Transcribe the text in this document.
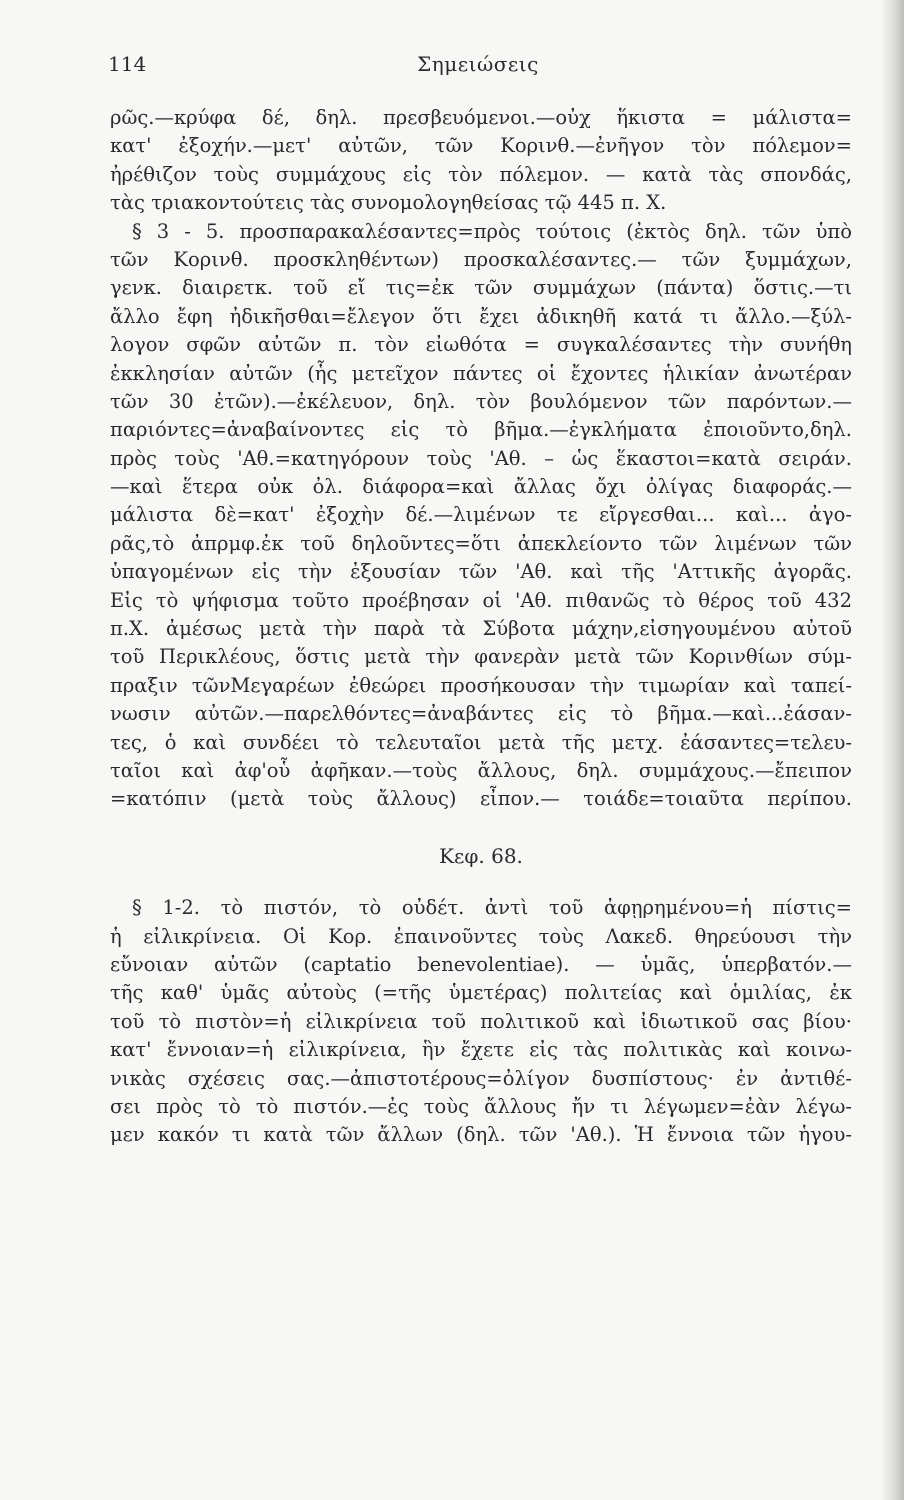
114	Σημειώσεις
ρῶς.—κρύφα δέ, δηλ. πρεσβευόμενοι.—οὐχ ἥκιστα = μάλιστα=
κατ' ἐξοχήν.—μετ' αὐτῶν, τῶν Κορινθ.—ἐνῆγον τὸν πόλεμον=
ἠρέθιζον τοὺς συμμάχους εἰς τὸν πόλεμον. — κατὰ τὰς σπονδάς,
τὰς τριακοντούτεις τὰς συνομολογηθείσας τῷ 445 π. Χ.
§ 3 - 5. προσπαρακαλέσαντες=πρὸς τούτοις (ἐκτὸς δηλ. τῶν ὑπὸ
τῶν Κορινθ. προσκληθέντων) προσκαλέσαντες.— τῶν ξυμμάχων,
γενκ. διαιρετκ. τοῦ εἴ τις=ἐκ τῶν συμμάχων (πάντα) ὅστις.—τι
ἄλλο ἔφη ἠδικῆσθαι=ἔλεγον ὅτι ἔχει ἀδικηθῆ κατά τι ἄλλο.—ξύλ-
λογον σφῶν αὐτῶν π. τὸν εἰωθότα = συγκαλέσαντες τὴν συνήθη
ἐκκλησίαν αὐτῶν (ἧς μετεῖχον πάντες οἱ ἔχοντες ἡλικίαν ἀνωτέραν
τῶν 30 ἐτῶν).—ἐκέλευον, δηλ. τὸν βουλόμενον τῶν παρόντων.—
παριόντες=ἀναβαίνοντες εἰς τὸ βῆμα.—ἐγκλήματα ἐποιοῦντο,δηλ.
πρὸς τοὺς 'Αθ.=κατηγόρουν τοὺς 'Αθ. – ὡς ἕκαστοι=κατὰ σειράν.
—καὶ ἕτερα οὐκ ὀλ. διάφορα=καὶ ἄλλας ὄχι ὀλίγας διαφοράς.—
μάλιστα δὲ=κατ' ἐξοχὴν δέ.—λιμένων τε εἴργεσθαι... καὶ... ἀγο-
ρᾶς,τὸ ἀπρμφ.ἐκ τοῦ δηλοῦντες=ὅτι ἀπεκλείοντο τῶν λιμένων τῶν
ὑπαγομένων εἰς τὴν ἐξουσίαν τῶν 'Αθ. καὶ τῆς 'Αττικῆς ἀγορᾶς.
Εἰς τὸ ψήφισμα τοῦτο προέβησαν οἱ 'Αθ. πιθανῶς τὸ θέρος τοῦ 432
π.Χ. ἀμέσως μετὰ τὴν παρὰ τὰ Σύβοτα μάχην,εἰσηγουμένου αὐτοῦ
τοῦ Περικλέους, ὅστις μετὰ τὴν φανερὰν μετὰ τῶν Κορινθίων σύμ-
πραξιν τῶνΜεγαρέων ἐθεώρει προσήκουσαν τὴν τιμωρίαν καὶ ταπεί-
νωσιν αὐτῶν.—παρελθόντες=ἀναβάντες εἰς τὸ βῆμα.—καὶ...ἐάσαν-
τες, ὁ καὶ συνδέει τὸ τελευταῖοι μετὰ τῆς μετχ. ἐάσαντες=τελευ-
ταῖοι καὶ ἀφ'οὗ ἀφῆκαν.—τοὺς ἄλλους, δηλ. συμμάχους.—ἔπειπον
=κατόπιν (μετὰ τοὺς ἄλλους) εἶπον.— τοιάδε=τοιαῦτα περίπου.
Κεφ. 68.
§ 1-2. τὸ πιστόν, τὸ οὐδέτ. ἀντὶ τοῦ ἀφῃρημένου=ἡ πίστις=
ἡ εἰλικρίνεια. Οἱ Κορ. ἐπαινοῦντες τοὺς Λακεδ. θηρεύουσι τὴν
εὔνοιαν αὐτῶν (captatio benevolentiae). — ὑμᾶς, ὑπερβατόν.—
τῆς καθ' ὑμᾶς αὐτοὺς (=τῆς ὑμετέρας) πολιτείας καὶ ὁμιλίας, ἐκ
τοῦ τὸ πιστὸν=ἡ εἰλικρίνεια τοῦ πολιτικοῦ καὶ ἰδιωτικοῦ σας βίου·
κατ' ἔννοιαν=ἡ εἰλικρίνεια, ἣν ἔχετε εἰς τὰς πολιτικὰς καὶ κοινω-
νικὰς σχέσεις σας.—ἀπιστοτέρους=ὀλίγον δυσπίστους· ἐν ἀντιθέ-
σει πρὸς τὸ τὸ πιστόν.—ἐς τοὺς ἄλλους ἤν τι λέγωμεν=ἐὰν λέγω-
μεν κακόν τι κατὰ τῶν ἄλλων (δηλ. τῶν 'Αθ.). Ἡ ἔννοια τῶν ἡγου-
